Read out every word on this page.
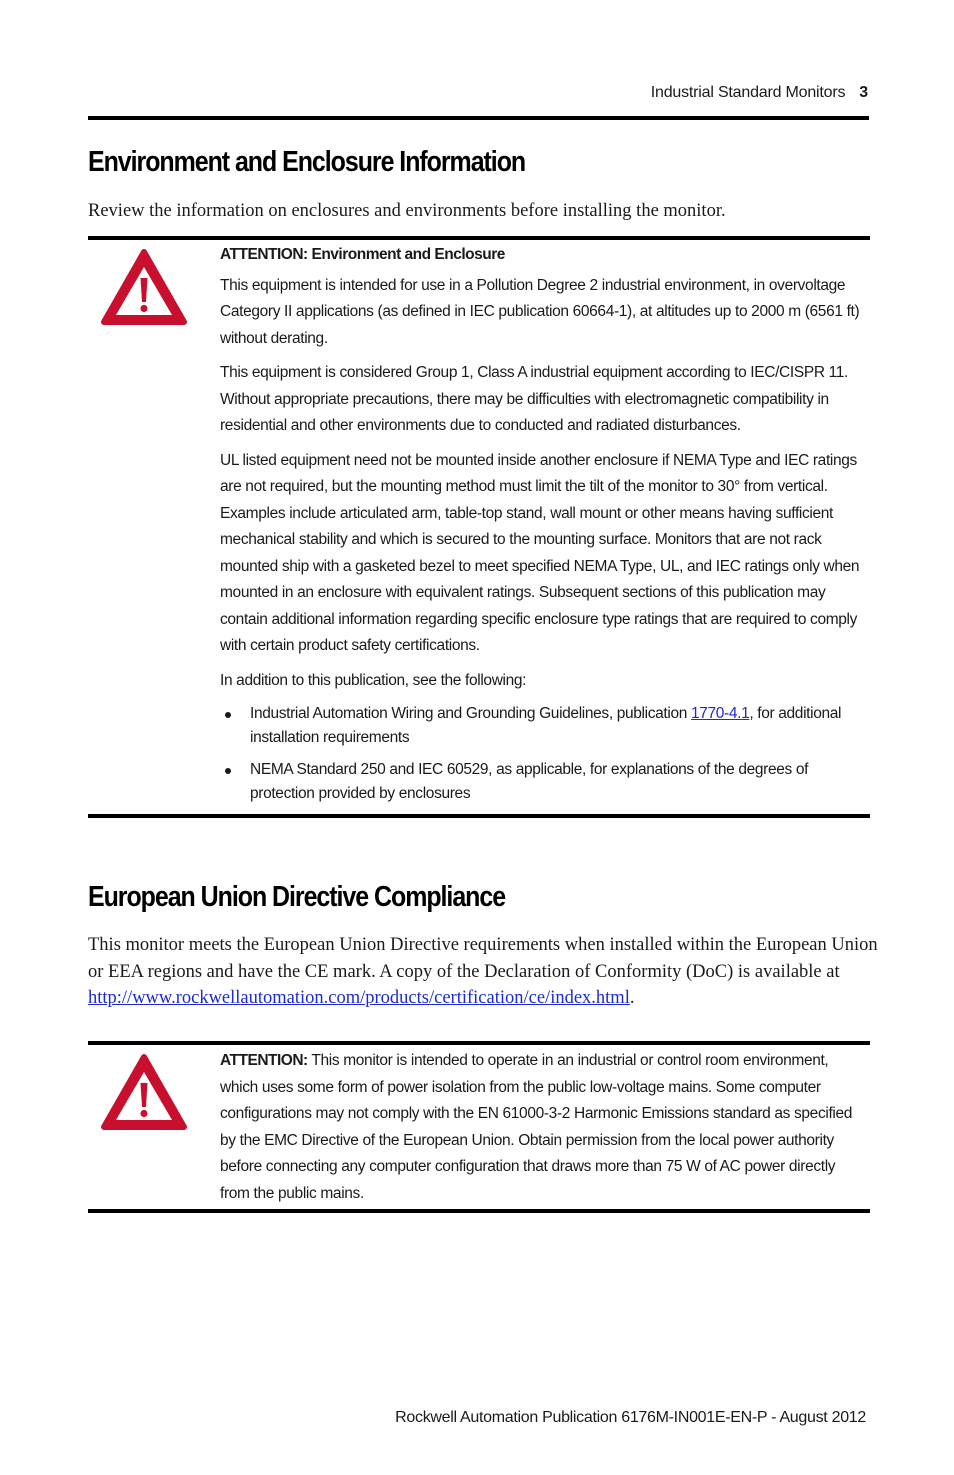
Industrial Standard Monitors 3
Environment and Enclosure Information

Review the information on enclosures and environments before installing the monitor.

ATTENTION: Environment and Enclosure

This equipment is intended for use in a Pollution Degree 2 industrial environment, in overvoltage Category II applications (as defined in IEC publication 60664-1), at altitudes up to 2000 m (6561 ft) without derating.

This equipment is considered Group 1, Class A industrial equipment according to IEC/CISPR 11. Without appropriate precautions, there may be difficulties with electromagnetic compatibility in residential and other environments due to conducted and radiated disturbances.

UL listed equipment need not be mounted inside another enclosure if NEMA Type and IEC ratings are not required, but the mounting method must limit the tilt of the monitor to 30° from vertical. Examples include articulated arm, table-top stand, wall mount or other means having sufficient mechanical stability and which is secured to the mounting surface. Monitors that are not rack mounted ship with a gasketed bezel to meet specified NEMA Type, UL, and IEC ratings only when mounted in an enclosure with equivalent ratings. Subsequent sections of this publication may contain additional information regarding specific enclosure type ratings that are required to comply with certain product safety certifications.

In addition to this publication, see the following:

Industrial Automation Wiring and Grounding Guidelines, publication 1770-4.1, for additional installation requirements
NEMA Standard 250 and IEC 60529, as applicable, for explanations of the degrees of protection provided by enclosures
European Union Directive Compliance

This monitor meets the European Union Directive requirements when installed within the European Union or EEA regions and have the CE mark. A copy of the Declaration of Conformity (DoC) is available at http://www.rockwellautomation.com/products/certification/ce/index.html.

ATTENTION: This monitor is intended to operate in an industrial or control room environment, which uses some form of power isolation from the public low-voltage mains. Some computer configurations may not comply with the EN 61000-3-2 Harmonic Emissions standard as specified by the EMC Directive of the European Union. Obtain permission from the local power authority before connecting any computer configuration that draws more than 75 W of AC power directly from the public mains.

Rockwell Automation Publication 6176M-IN001E-EN-P - August 2012
